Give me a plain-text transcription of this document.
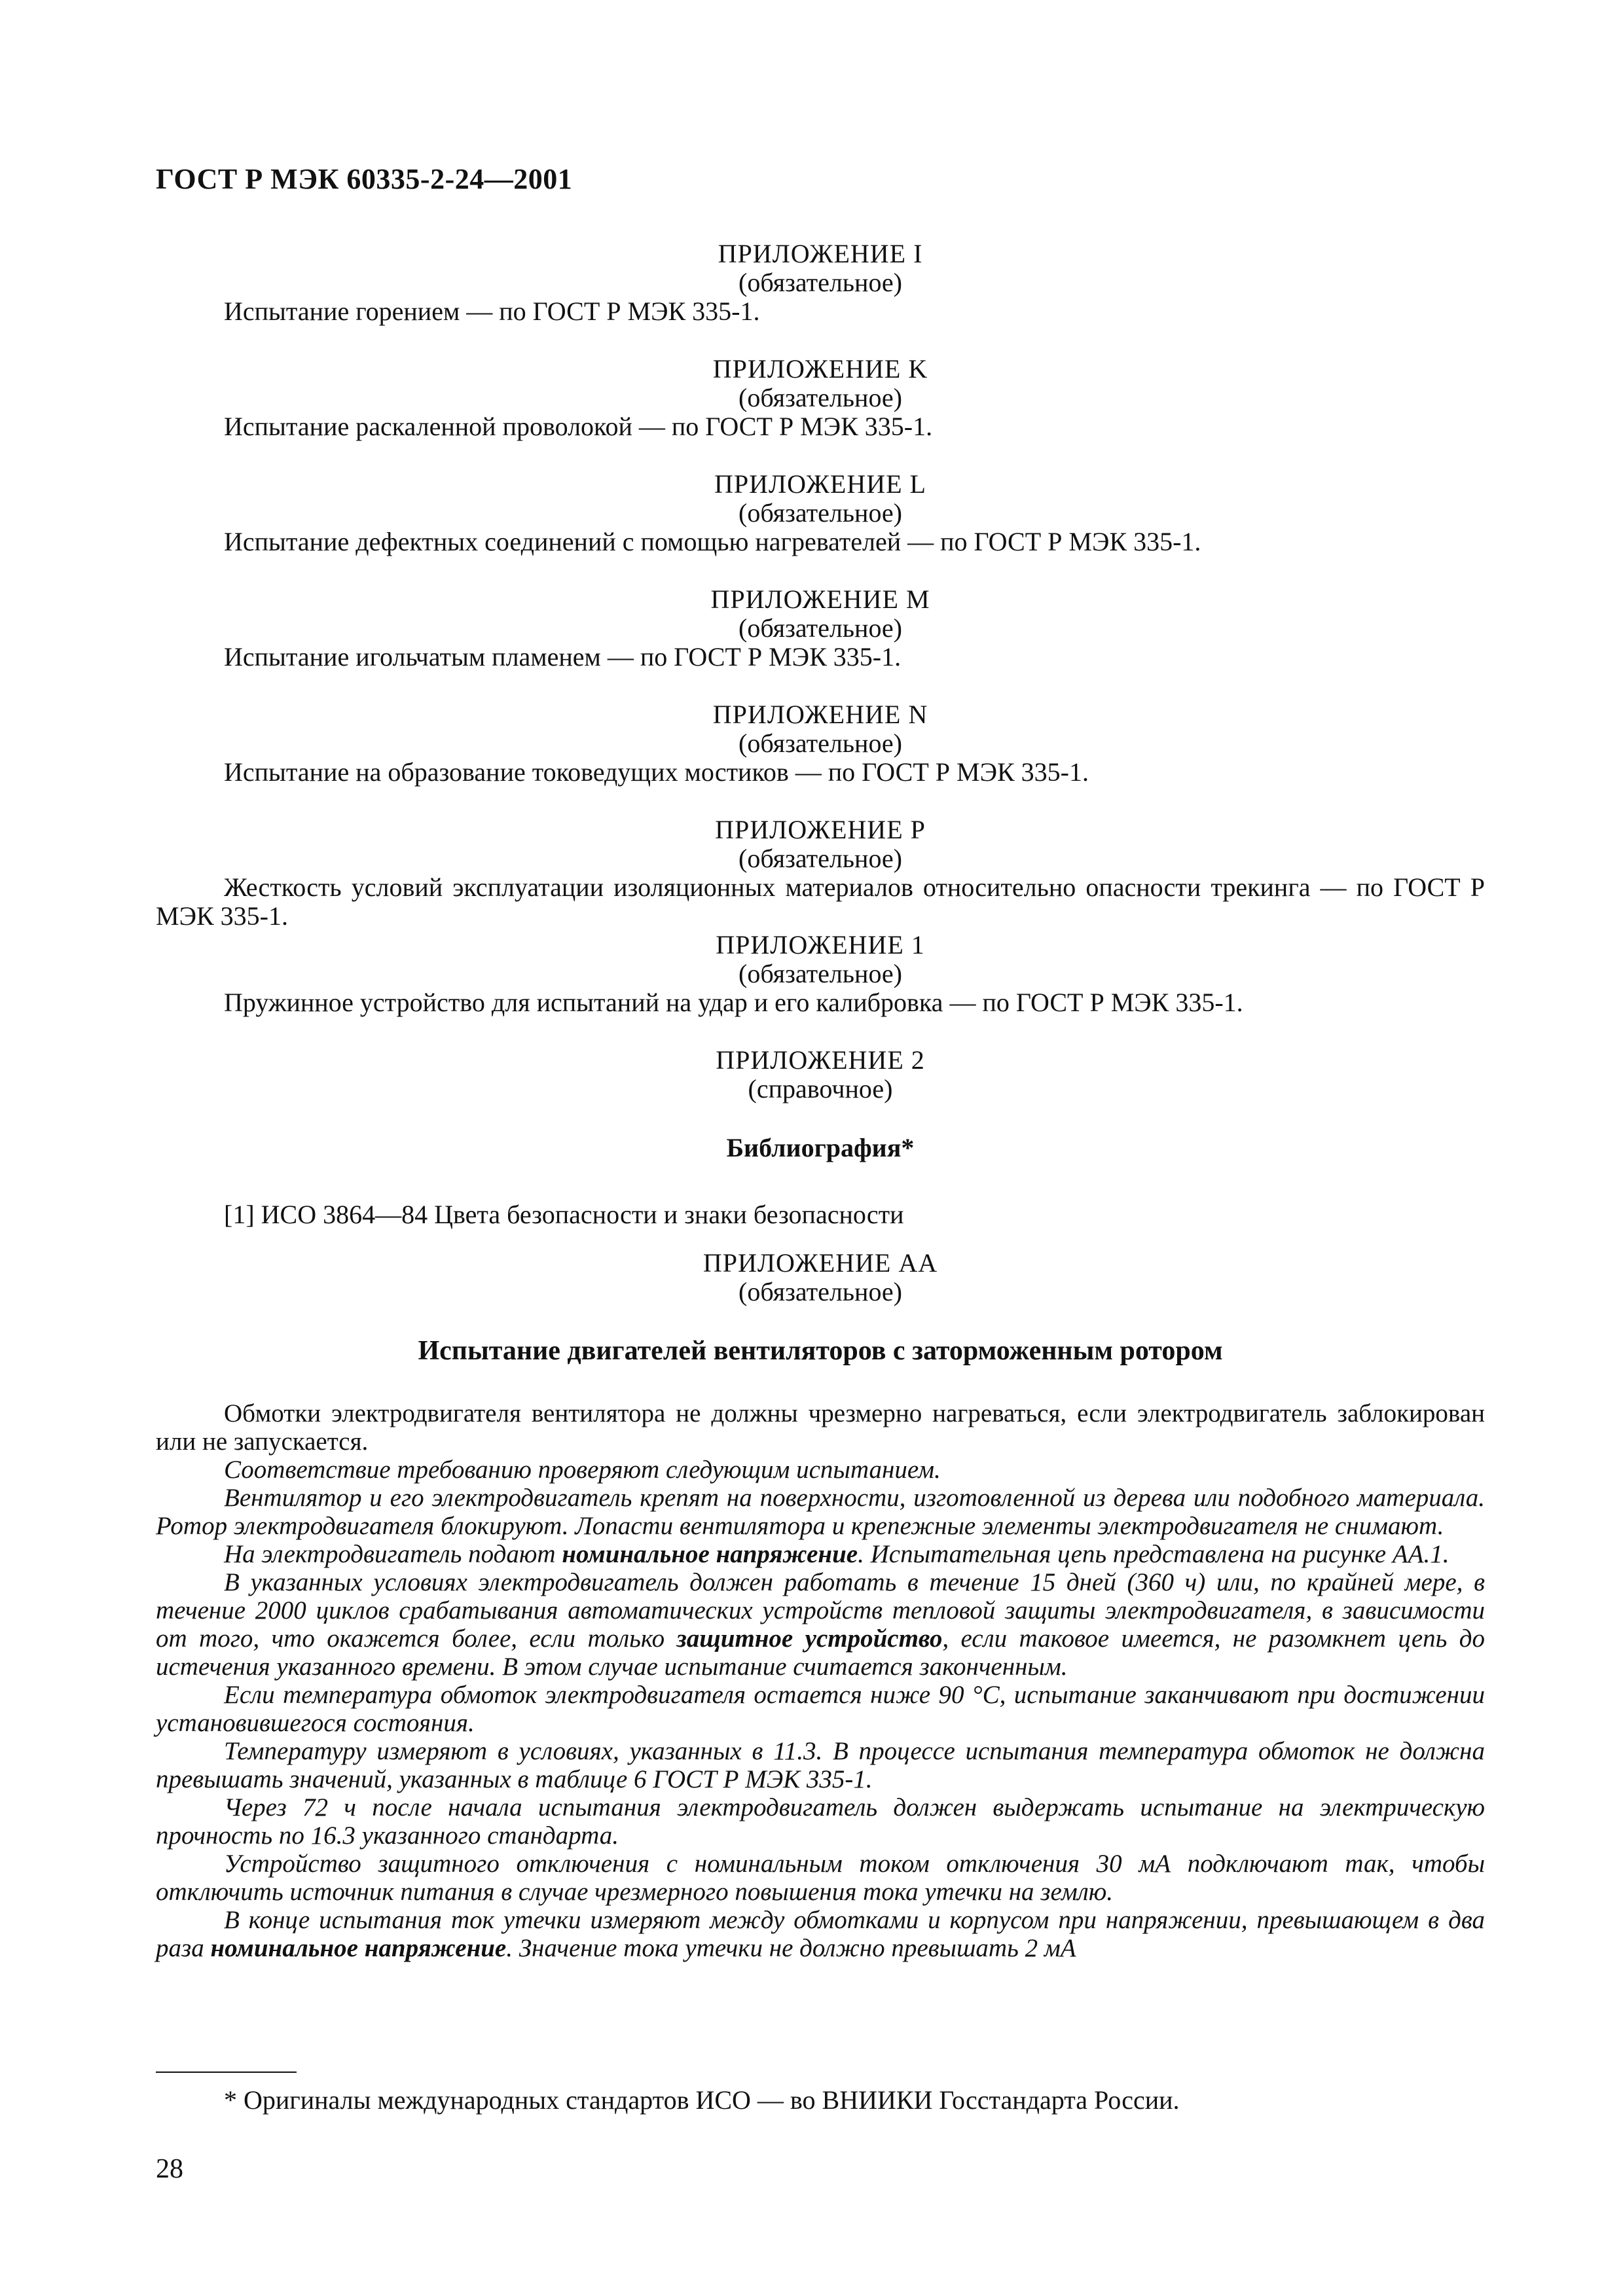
ГОСТ Р МЭК 60335-2-24—2001

ПРИЛОЖЕНИЕ I

(обязательное)

Испытание горением — по ГОСТ Р МЭК 335-1.

ПРИЛОЖЕНИЕ K

(обязательное)

Испытание раскаленной проволокой — по ГОСТ Р МЭК 335-1.

ПРИЛОЖЕНИЕ L

(обязательное)

Испытание дефектных соединений с помощью нагревателей — по ГОСТ Р МЭК 335-1.

ПРИЛОЖЕНИЕ M

(обязательное)

Испытание игольчатым пламенем — по ГОСТ Р МЭК 335-1.

ПРИЛОЖЕНИЕ N

(обязательное)

Испытание на образование токоведущих мостиков — по ГОСТ Р МЭК 335-1.

ПРИЛОЖЕНИЕ P

(обязательное)

Жесткость условий эксплуатации изоляционных материалов относительно опасности трекинга — по ГОСТ Р МЭК 335-1.

ПРИЛОЖЕНИЕ 1

(обязательное)

Пружинное устройство для испытаний на удар и его калибровка — по ГОСТ Р МЭК 335-1.

ПРИЛОЖЕНИЕ 2

(справочное)

Библиография*

[1] ИСО 3864—84 Цвета безопасности и знаки безопасности

ПРИЛОЖЕНИЕ АА

(обязательное)

Испытание двигателей вентиляторов с заторможенным ротором

Обмотки электродвигателя вентилятора не должны чрезмерно нагреваться, если электродвигатель заблокирован или не запускается.

Соответствие требованию проверяют следующим испытанием.

Вентилятор и его электродвигатель крепят на поверхности, изготовленной из дерева или подобного материала. Ротор электродвигателя блокируют. Лопасти вентилятора и крепежные элементы электродвигателя не снимают.

На электродвигатель подают номинальное напряжение. Испытательная цепь представлена на рисунке АА.1.

В указанных условиях электродвигатель должен работать в течение 15 дней (360 ч) или, по крайней мере, в течение 2000 циклов срабатывания автоматических устройств тепловой защиты электродвигателя, в зависимости от того, что окажется более, если только защитное устройство, если таковое имеется, не разомкнет цепь до истечения указанного времени. В этом случае испытание считается законченным.

Если температура обмоток электродвигателя остается ниже 90 °С, испытание заканчивают при достижении установившегося состояния.

Температуру измеряют в условиях, указанных в 11.3. В процессе испытания температура обмоток не должна превышать значений, указанных в таблице 6 ГОСТ Р МЭК 335-1.

Через 72 ч после начала испытания электродвигатель должен выдержать испытание на электрическую прочность по 16.3 указанного стандарта.

Устройство защитного отключения с номинальным током отключения 30 мА подключают так, чтобы отключить источник питания в случае чрезмерного повышения тока утечки на землю.

В конце испытания ток утечки измеряют между обмотками и корпусом при напряжении, превышающем в два раза номинальное напряжение. Значение тока утечки не должно превышать 2 мА

* Оригиналы международных стандартов ИСО — во ВНИИКИ Госстандарта России.
28
